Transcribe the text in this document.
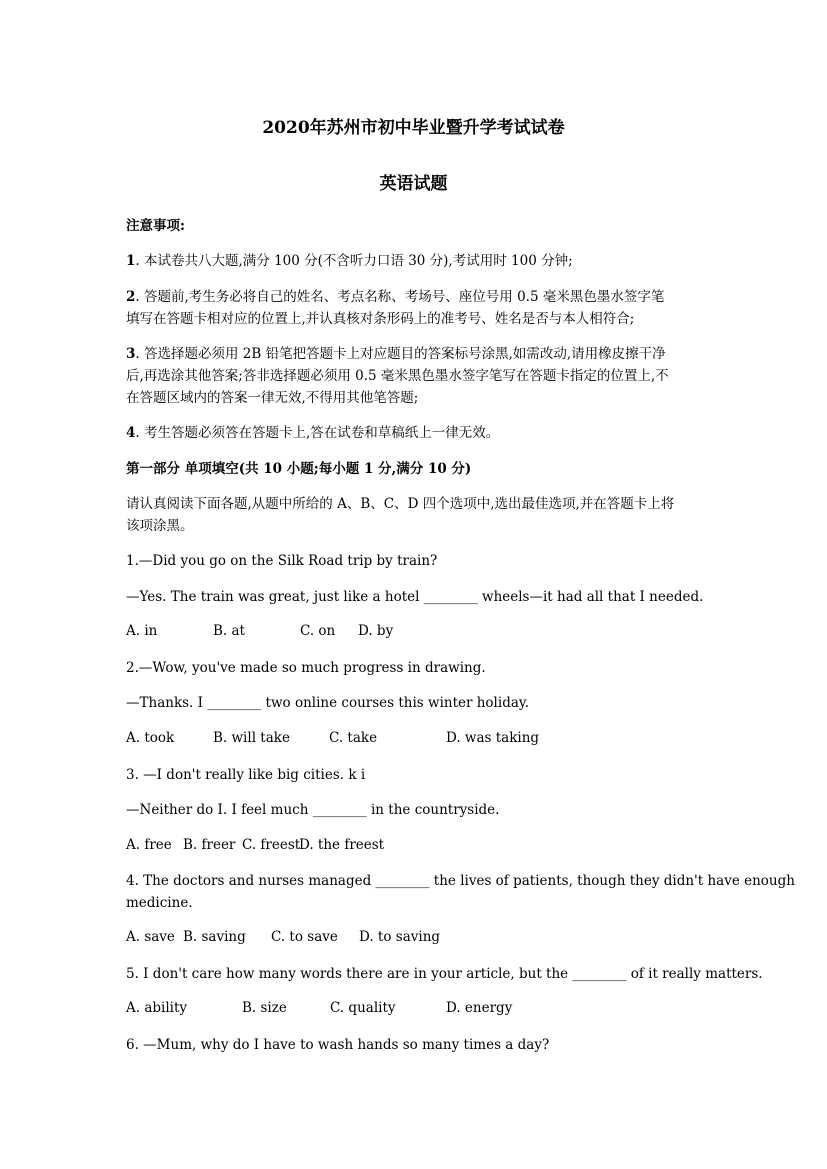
2020年苏州市初中毕业暨升学考试试卷
英语试题
注意事项:
1. 本试卷共八大题,满分 100 分(不含听力口语 30 分),考试用时 100 分钟;
2. 答题前,考生务必将自己的姓名、考点名称、考场号、座位号用 0.5 毫米黑色墨水签字笔
填写在答题卡相对应的位置上,并认真核对条形码上的准考号、姓名是否与本人相符合;
3. 答选择题必须用 2B 铅笔把答题卡上对应题目的答案标号涂黑,如需改动,请用橡皮擦干净
后,再选涂其他答案;答非选择题必须用 0.5 毫米黑色墨水签字笔写在答题卡指定的位置上,不
在答题区域内的答案一律无效,不得用其他笔答题;
4. 考生答题必须答在答题卡上,答在试卷和草稿纸上一律无效。
第一部分 单项填空(共 10 小题;每小题 1 分,满分 10 分)
请认真阅读下面各题,从题中所给的 A、B、C、D 四个选项中,选出最佳选项,并在答题卡上将
该项涂黑。
1.—Did you go on the Silk Road trip by train?
—Yes. The train was great, just like a hotel ________ wheels—it had all that I needed.
A. in	B. at	C. on D. by
2.—Wow, you've made so much progress in drawing.
—Thanks. I ________ two online courses this winter holiday.
A. took	B. will take	C. take	D. was taking
3. —I don't really like big cities. k i
—Neither do I. I feel much ________ in the countryside.
A. free B. freer C. freest
D. the freest
4. The doctors and nurses managed ________ the lives of patients, though they didn't have enough
medicine.
A. save B. saving C. to save D. to saving
5. I don't care how many words there are in your article, but the ________ of it really matters.
A. ability	B. size	C. quality	D. energy
6. —Mum, why do I have to wash hands so many times a day?
